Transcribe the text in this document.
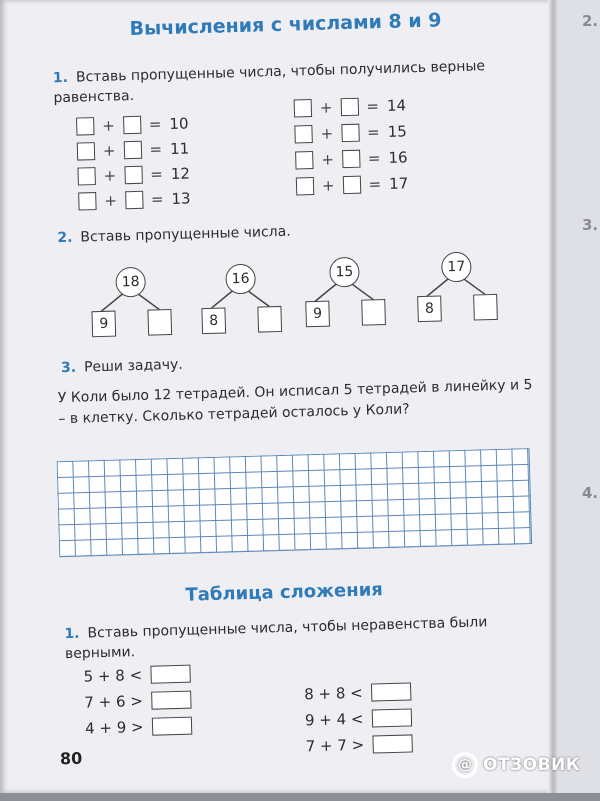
2.
3.
4.
Вычисления с числами 8 и 9
1. Вставь пропущенные числа, чтобы получились верные равенства.
+ = 10
+ = 11
+ = 12
+ = 13
+ = 14
+ = 15
+ = 16
+ = 17
2. Вставь пропущенные числа.
18
9
16
8
15
9
17
8
3. Реши задачу.
У Коли было 12 тетрадей. Он исписал 5 тетрадей в линейку и 5 – в клетку. Сколько тетрадей осталось у Коли?
Таблица сложения
1. Вставь пропущенные числа, чтобы неравенства были верными.
5 + 8 <
7 + 6 >
4 + 9 >
8 + 8 <
9 + 4 <
7 + 7 >
80	@ ОТЗОВИК
